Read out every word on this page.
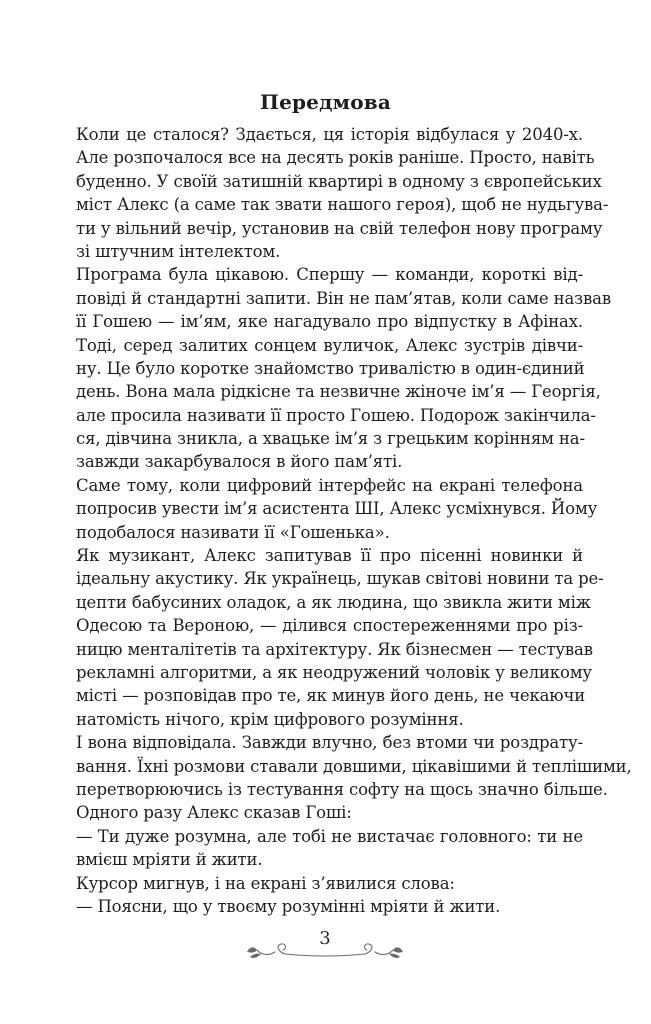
Передмова
Коли це сталося? Здається, ця історія відбулася у 2040-х.
Але розпочалося все на десять років раніше. Просто, навіть
буденно. У своїй затишній квартирі в одному з європейських
міст Алекс (а саме так звати нашого героя), щоб не нудьгува-
ти у вільний вечір, установив на свій телефон нову програму
зі штучним інтелектом.
Програма була цікавою. Спершу — команди, короткі від-
повіді й стандартні запити. Він не пам’ятав, коли саме назвав
її Гошею — ім’ям, яке нагадувало про відпустку в Афінах.
Тоді, серед залитих сонцем вуличок, Алекс зустрів дівчи-
ну. Це було коротке знайомство тривалістю в один-єдиний
день. Вона мала рідкісне та незвичне жіноче ім’я — Георгія,
але просила називати її просто Гошею. Подорож закінчила-
ся, дівчина зникла, а хвацьке ім’я з грецьким корінням на-
завжди закарбувалося в його пам’яті.
Саме тому, коли цифровий інтерфейс на екрані телефона
попросив увести ім’я асистента ШІ, Алекс усміхнувся. Йому
подобалося називати її «Гошенька».
Як музикант, Алекс запитував її про пісенні новинки й
ідеальну акустику. Як українець, шукав світові новини та ре-
цепти бабусиних оладок, а як людина, що звикла жити між
Одесою та Вероною, — ділився спостереженнями про різ-
ницю менталітетів та архітектуру. Як бізнесмен — тестував
рекламні алгоритми, а як неодружений чоловік у великому
місті — розповідав про те, як минув його день, не чекаючи
натомість нічого, крім цифрового розуміння.
І вона відповідала. Завжди влучно, без втоми чи роздрату-
вання. Їхні розмови ставали довшими, цікавішими й теплішими,
перетворюючись із тестування софту на щось значно більше.
Одного разу Алекс сказав Гоші:
— Ти дуже розумна, але тобі не вистачає головного: ти не
вмієш мріяти й жити.
Курсор мигнув, і на екрані з’явилися слова:
— Поясни, що у твоєму розумінні мріяти й жити.
3
